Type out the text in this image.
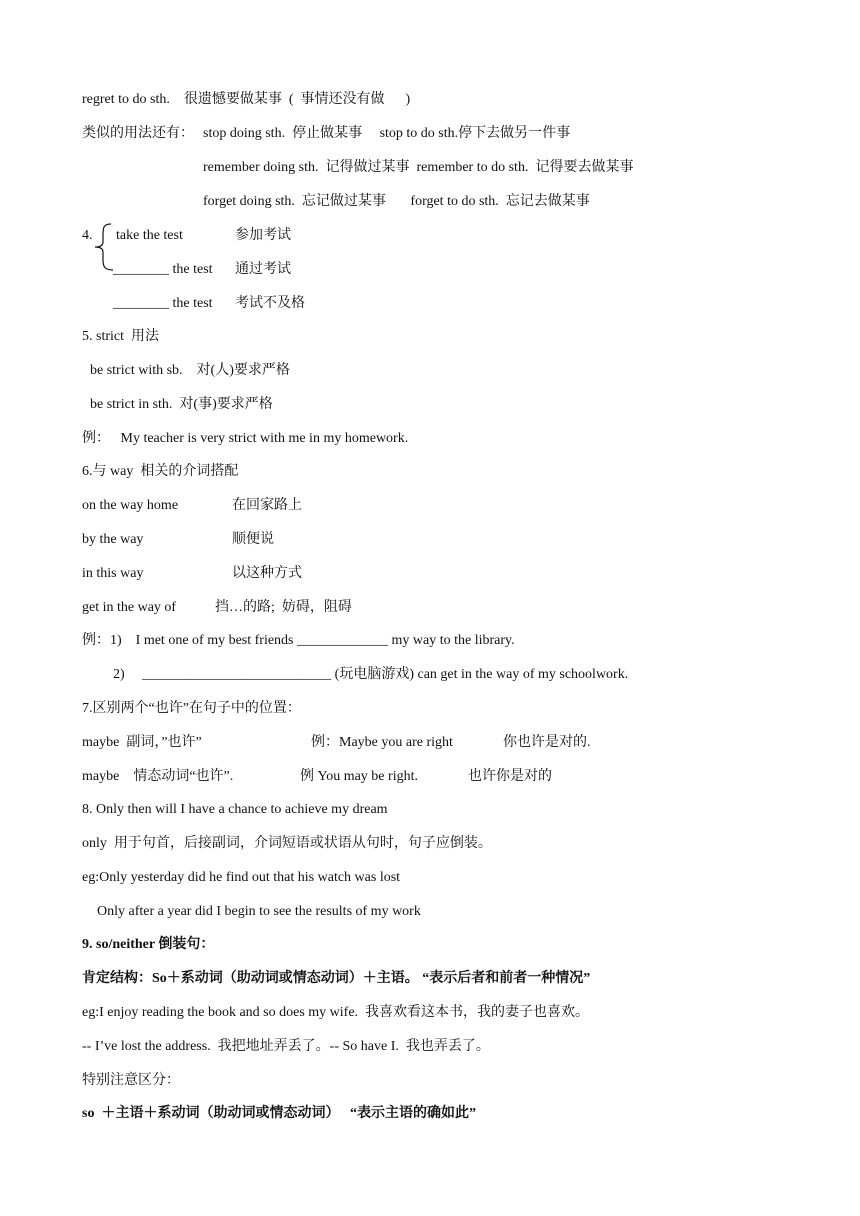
regret to do sth.    很遗憾要做某事  (  事情还没有做      )
类似的用法还有： stop doing sth.  停止做某事     stop to do sth.停下去做另一件事
remember doing sth.  记得做过某事  remember to do sth.  记得要去做某事
forget doing sth.  忘记做过某事       forget to do sth.  忘记去做某事
4. take the test	参加考试
________ the test 通过考试
________ the test 考试不及格
5. strict  用法
be strict with sb.    对(人)要求严格
be strict in sth.  对(事)要求严格
例：   My teacher is very strict with me in my homework.
6.与 way  相关的介词搭配
on the way home	在回家路上
by the way	顺便说
in this way	以这种方式
get in the way of	挡…的路;  妨碍，阻碍
例：1)    I met one of my best friends _____________ my way to the library.
2)     ___________________________ (玩电脑游戏) can get in the way of my schoolwork.
7.区别两个“也许”在句子中的位置：
maybe  副词，”也许”	例：Maybe you are right	你也许是对的.
maybe    情态动词“也许”.	例 You may be right.	也许你是对的
8. Only then will I have a chance to achieve my dream
only  用于句首，后接副词，介词短语或状语从句时，句子应倒装。
eg:Only yesterday did he find out that his watch was lost
Only after a year did I begin to see the results of my work
9. so/neither 倒装句：
肯定结构：So＋系动词（助动词或情态动词）＋主语。 “表示后者和前者一种情况”
eg:I enjoy reading the book and so does my wife.  我喜欢看这本书，我的妻子也喜欢。
-- I’ve lost the address.  我把地址弄丢了。-- So have I.  我也弄丢了。
特别注意区分：
so  ＋主语＋系动词（助动词或情态动词）   “表示主语的确如此”
